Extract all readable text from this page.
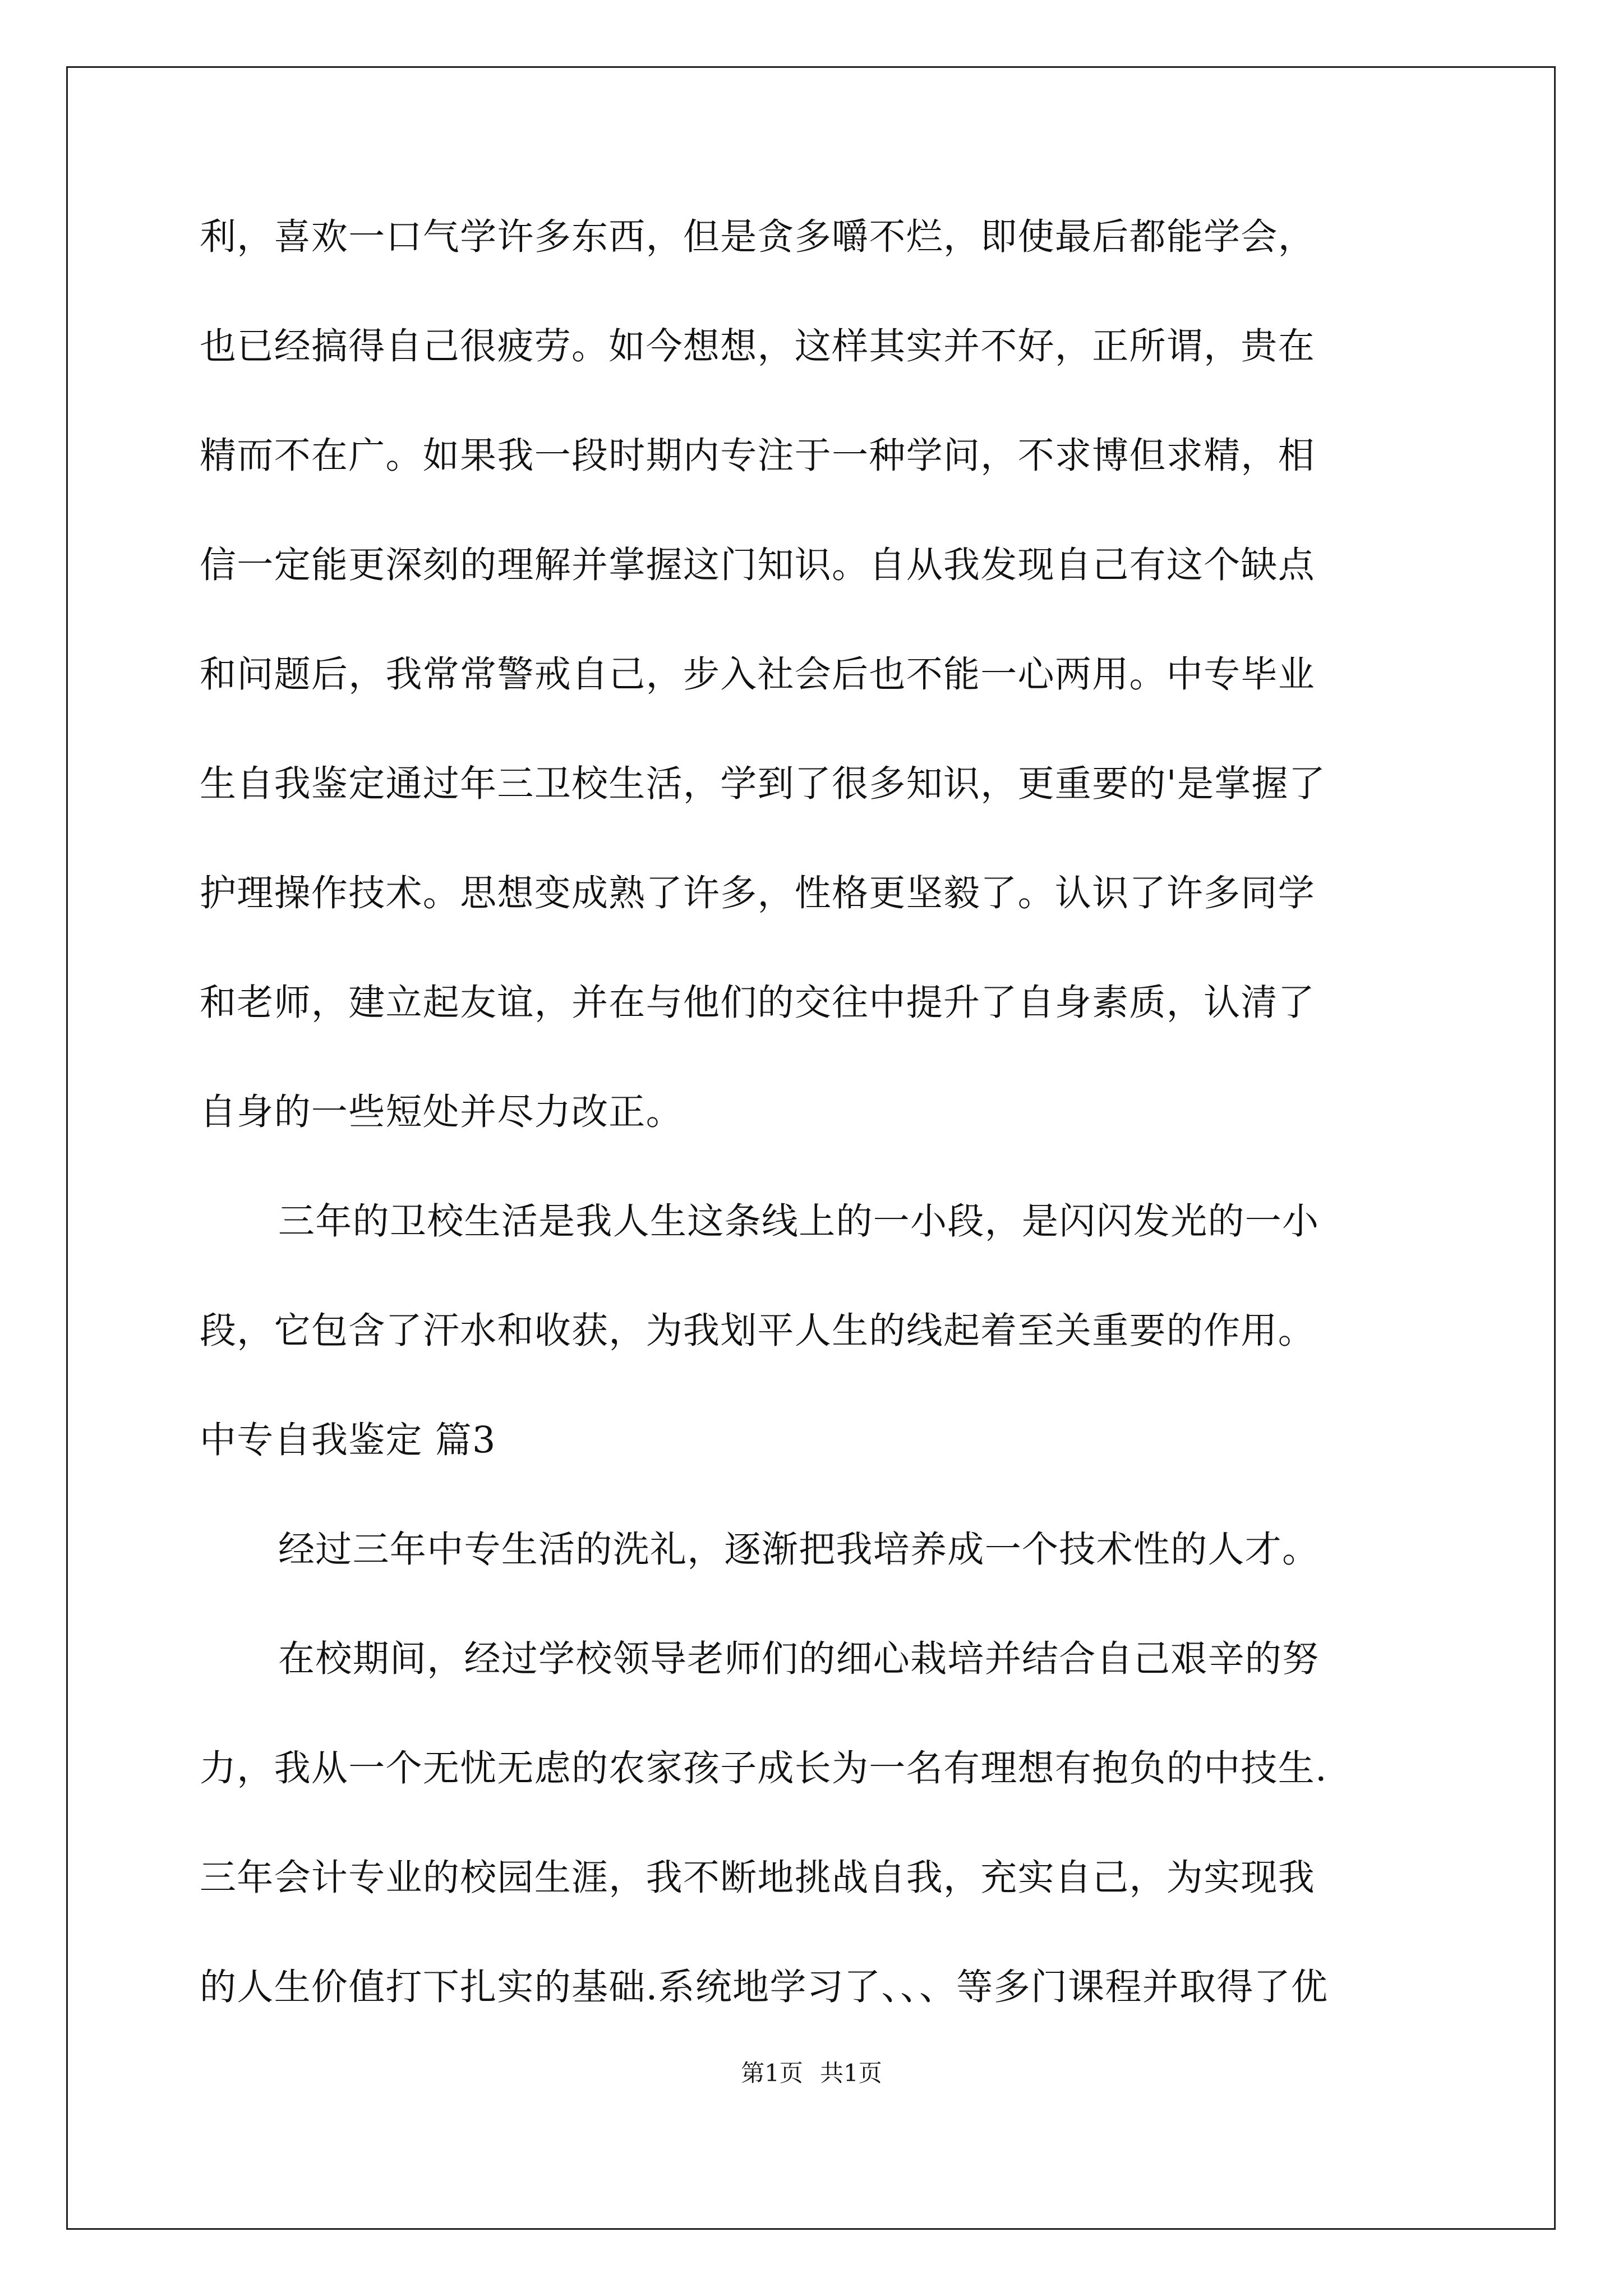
利，喜欢一口气学许多东西，但是贪多嚼不烂，即使最后都能学会，
也已经搞得自己很疲劳。如今想想，这样其实并不好，正所谓，贵在
精而不在广。如果我一段时期内专注于一种学问，不求博但求精，相
信一定能更深刻的理解并掌握这门知识。自从我发现自己有这个缺点
和问题后，我常常警戒自己，步入社会后也不能一心两用。中专毕业
生自我鉴定通过年三卫校生活，学到了很多知识，更重要的'是掌握了
护理操作技术。思想变成熟了许多，性格更坚毅了。认识了许多同学
和老师，建立起友谊，并在与他们的交往中提升了自身素质，认清了
自身的一些短处并尽力改正。
三年的卫校生活是我人生这条线上的一小段，是闪闪发光的一小
段，它包含了汗水和收获，为我划平人生的线起着至关重要的作用。
中专自我鉴定 篇3
经过三年中专生活的洗礼，逐渐把我培养成一个技术性的人才。
在校期间，经过学校领导老师们的细心栽培并结合自己艰辛的努
力，我从一个无忧无虑的农家孩子成长为一名有理想有抱负的中技生.
三年会计专业的校园生涯，我不断地挑战自我，充实自己，为实现我
的人生价值打下扎实的基础.系统地学习了、、、等多门课程并取得了优
第1页 共1页
